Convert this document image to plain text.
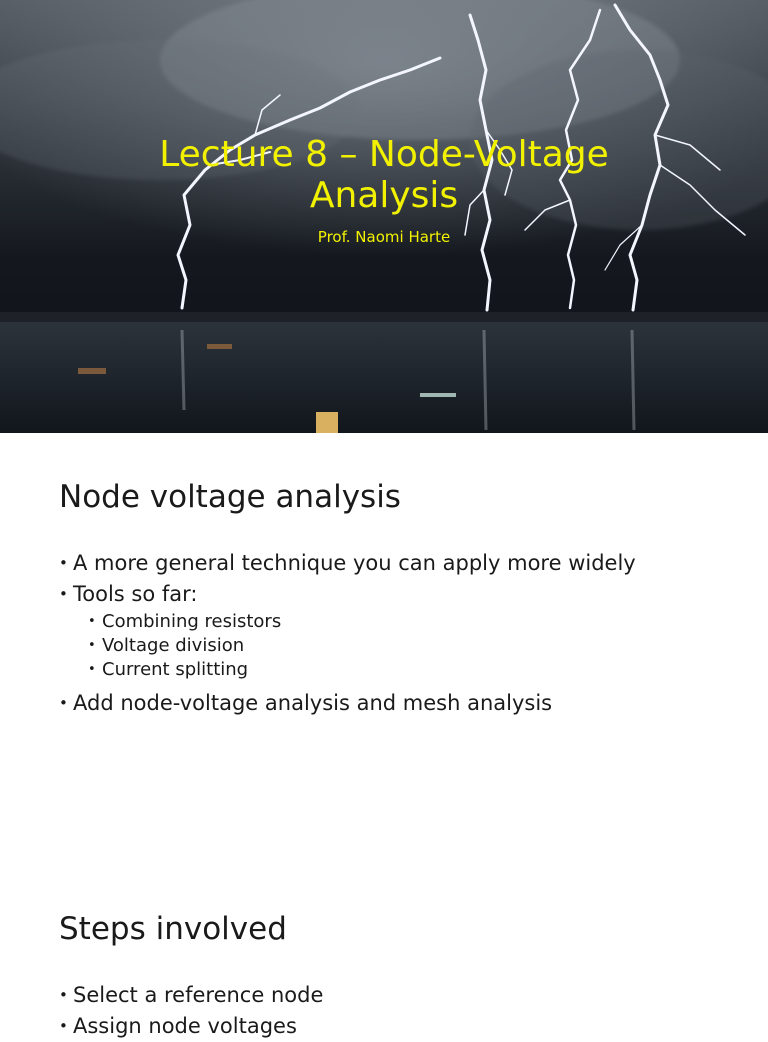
Lecture 8 – Node-Voltage
Analysis
Prof. Naomi Harte
Node voltage analysis
• A more general technique you can apply more widely
• Tools so far:
• Combining resistors
• Voltage division
• Current splitting
• Add node-voltage analysis and mesh analysis
Steps involved
• Select a reference node
• Assign node voltages
